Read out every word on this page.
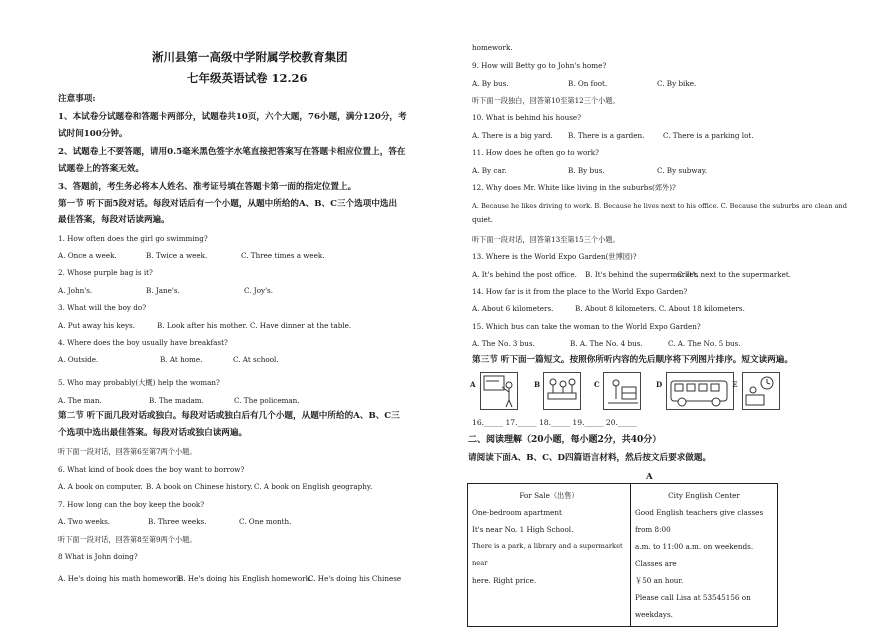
淅川县第一高级中学附属学校教育集团
七年级英语试卷 12.26
注意事项:
1、本试卷分试题卷和答题卡两部分，试题卷共10页，六个大题，76小题，满分120分，考
试时间100分钟。
2、试题卷上不要答题，请用0.5毫米黑色签字水笔直接把答案写在答题卡相应位置上，答在
试题卷上的答案无效。
3、答题前，考生务必将本人姓名、准考证号填在答题卡第一面的指定位置上。
第一节 听下面5段对话。每段对话后有一个小题，从题中所给的A、B、C三个选项中选出
最佳答案，每段对话读两遍。
1. How often does the girl go swimming?
A. Once a week.	B. Twice a week.	C. Three times a week.
2. Whose purple bag is it?
A. John's.	B. Jane's.	C. Joy's.
3. What will the boy do?
A. Put away his keys.	B. Look after his mother. C. Have dinner at the table.
4. Where does the boy usually have breakfast?
A. Outside.	B. At home.	C. At school.
5. Who may probably(大概) help the woman?
A. The man.	B. The madam.	C. The policeman.
第二节 听下面几段对话或独白。每段对话或独白后有几个小题，从题中所给的A、B、C三
个选项中选出最佳答案。每段对话或独白读两遍。
听下面一段对话，回答第6至第7两个小题。
6. What kind of book does the boy want to borrow?
A. A book on computer. B. A book on Chinese history. C. A book on English geography.
7. How long can the boy keep the book?
A. Two weeks.	B. Three weeks.	C. One month.
听下面一段对话，回答第8至第9两个小题。
8 What is John doing?
A. He's doing his math homework.
B. He's doing his English homework.
C. He's doing his Chinese
homework.
9. How will Betty go to John's home?
A. By bus.	B. On foot.	C. By bike.
听下面一段独白，回答第10至第12三个小题。
10. What is behind his house?
A. There is a big yard. B. There is a garden.	C. There is a parking lot.
11. How does he often go to work?
A. By car.	B. By bus.	C. By subway.
12. Why does Mr. White like living in the suburbs(郊外)?
A. Because he likes driving to work. B. Because he lives next to his office. C. Because the suburbs are clean and
quiet.
听下面一段对话，回答第13至第15三个小题。
13. Where is the World Expo Garden(世博园)?
A. It's behind the post office. B. It's behind the supermarket.
C. It's next to the supermarket.
14. How far is it from the place to the World Expo Garden?
A. About 6 kilometers.	B. About 8 kilometers. C. About 18 kilometers.
15. Which bus can take the woman to the World Expo Garden?
A. The No. 3 bus.	B. A. The No. 4 bus.	C. A. The No. 5 bus.
第三节 听下面一篇短文。按照你所听内容的先后顺序将下列图片排序。短文读两遍。
A	B	C	D	E
16._____ 17._____ 18._____ 19._____ 20._____
二、阅读理解（20小题，每小题2分，共40分）
请阅读下面A、B、C、D四篇语言材料，然后按文后要求做题。
A
For Sale（出售）
One-bedroom apartment
It's near No. 1 High School.
There is a park, a library and a supermarket near
here. Right price.

City English Center
Good English teachers give classes from 8:00
a.m. to 11:00 a.m. on weekends. Classes are
￥50 an hour.
Please call Lisa at 53545156 on weekdays.
